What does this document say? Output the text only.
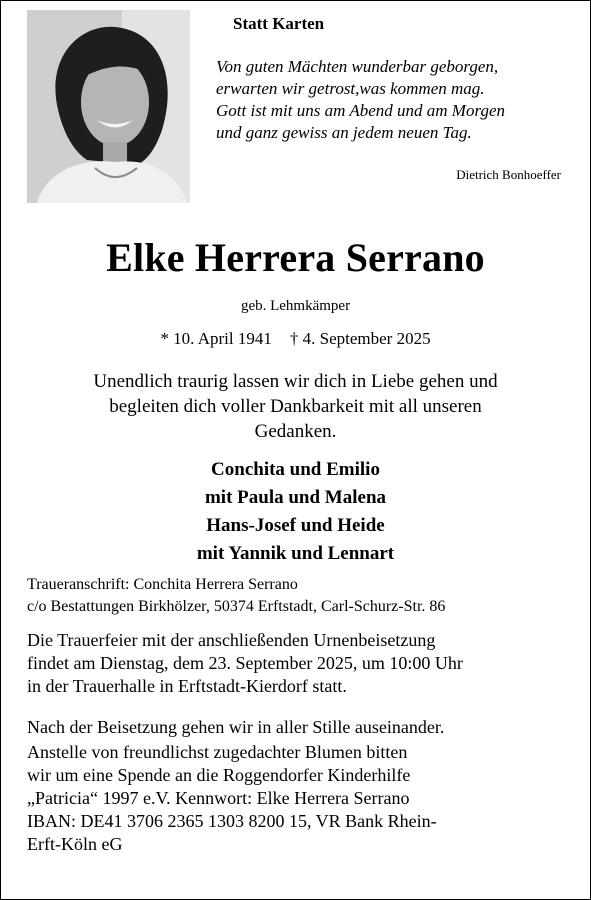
Statt Karten
Von guten Mächten wunderbar geborgen,
erwarten wir getrost,was kommen mag.
Gott ist mit uns am Abend und am Morgen
und ganz gewiss an jedem neuen Tag.
Dietrich Bonhoeffer
Elke Herrera Serrano
geb. Lehmkämper
* 10. April 1941 † 4. September 2025
Unendlich traurig lassen wir dich in Liebe gehen und
begleiten dich voller Dankbarkeit mit all unseren
Gedanken.
Conchita und Emilio
mit Paula und Malena
Hans-Josef und Heide
mit Yannik und Lennart
Traueranschrift: Conchita Herrera Serrano
c/o Bestattungen Birkhölzer, 50374 Erftstadt, Carl-Schurz-Str. 86
Die Trauerfeier mit der anschließenden Urnenbeisetzung
findet am Dienstag, dem 23. September 2025, um 10:00 Uhr
in der Trauerhalle in Erftstadt-Kierdorf statt.
Nach der Beisetzung gehen wir in aller Stille auseinander.
Anstelle von freundlichst zugedachter Blumen bitten
wir um eine Spende an die Roggendorfer Kinderhilfe
„Patricia“ 1997 e.V. Kennwort: Elke Herrera Serrano
IBAN: DE41 3706 2365 1303 8200 15, VR Bank Rhein-
Erft-Köln eG
